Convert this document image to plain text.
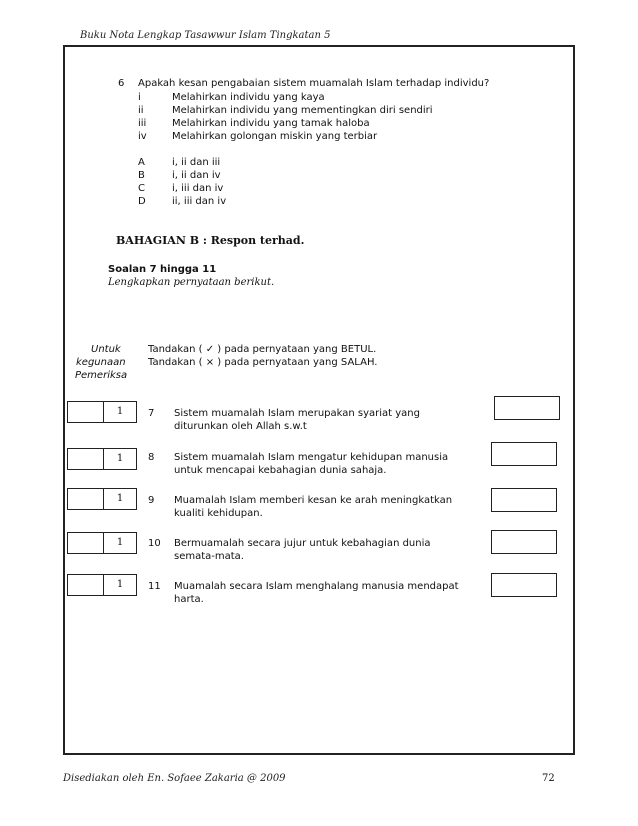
Buku Nota Lengkap Tasawwur Islam Tingkatan 5
6 Apakah kesan pengabaian sistem muamalah Islam terhadap individu?
i	Melahirkan individu yang kaya
ii	Melahirkan individu yang mementingkan diri sendiri
iii	Melahirkan individu yang tamak haloba
iv	Melahirkan golongan miskin yang terbiar
A	i, ii dan iii
B	i, ii dan iv
C	i, iii dan iv
D	ii, iii dan iv
BAHAGIAN B : Respon terhad.
Soalan 7 hingga 11
Lengkapkan pernyataan berikut.
Untuk
kegunaan
Pemeriksa
Tandakan ( ✓ ) pada pernyataan yang BETUL.
Tandakan ( × ) pada pernyataan yang SALAH.
1	7 Sistem muamalah Islam merupakan syariat yang
diturunkan oleh Allah s.w.t
1	8 Sistem muamalah Islam mengatur kehidupan manusia
untuk mencapai kebahagian dunia sahaja.
1	9 Muamalah Islam memberi kesan ke arah meningkatkan
kualiti kehidupan.
1	10 Bermuamalah secara jujur untuk kebahagian dunia
semata-mata.
1	11 Muamalah secara Islam menghalang manusia mendapat
harta.
Disediakan oleh En. Sofaee Zakaria @ 2009	72
